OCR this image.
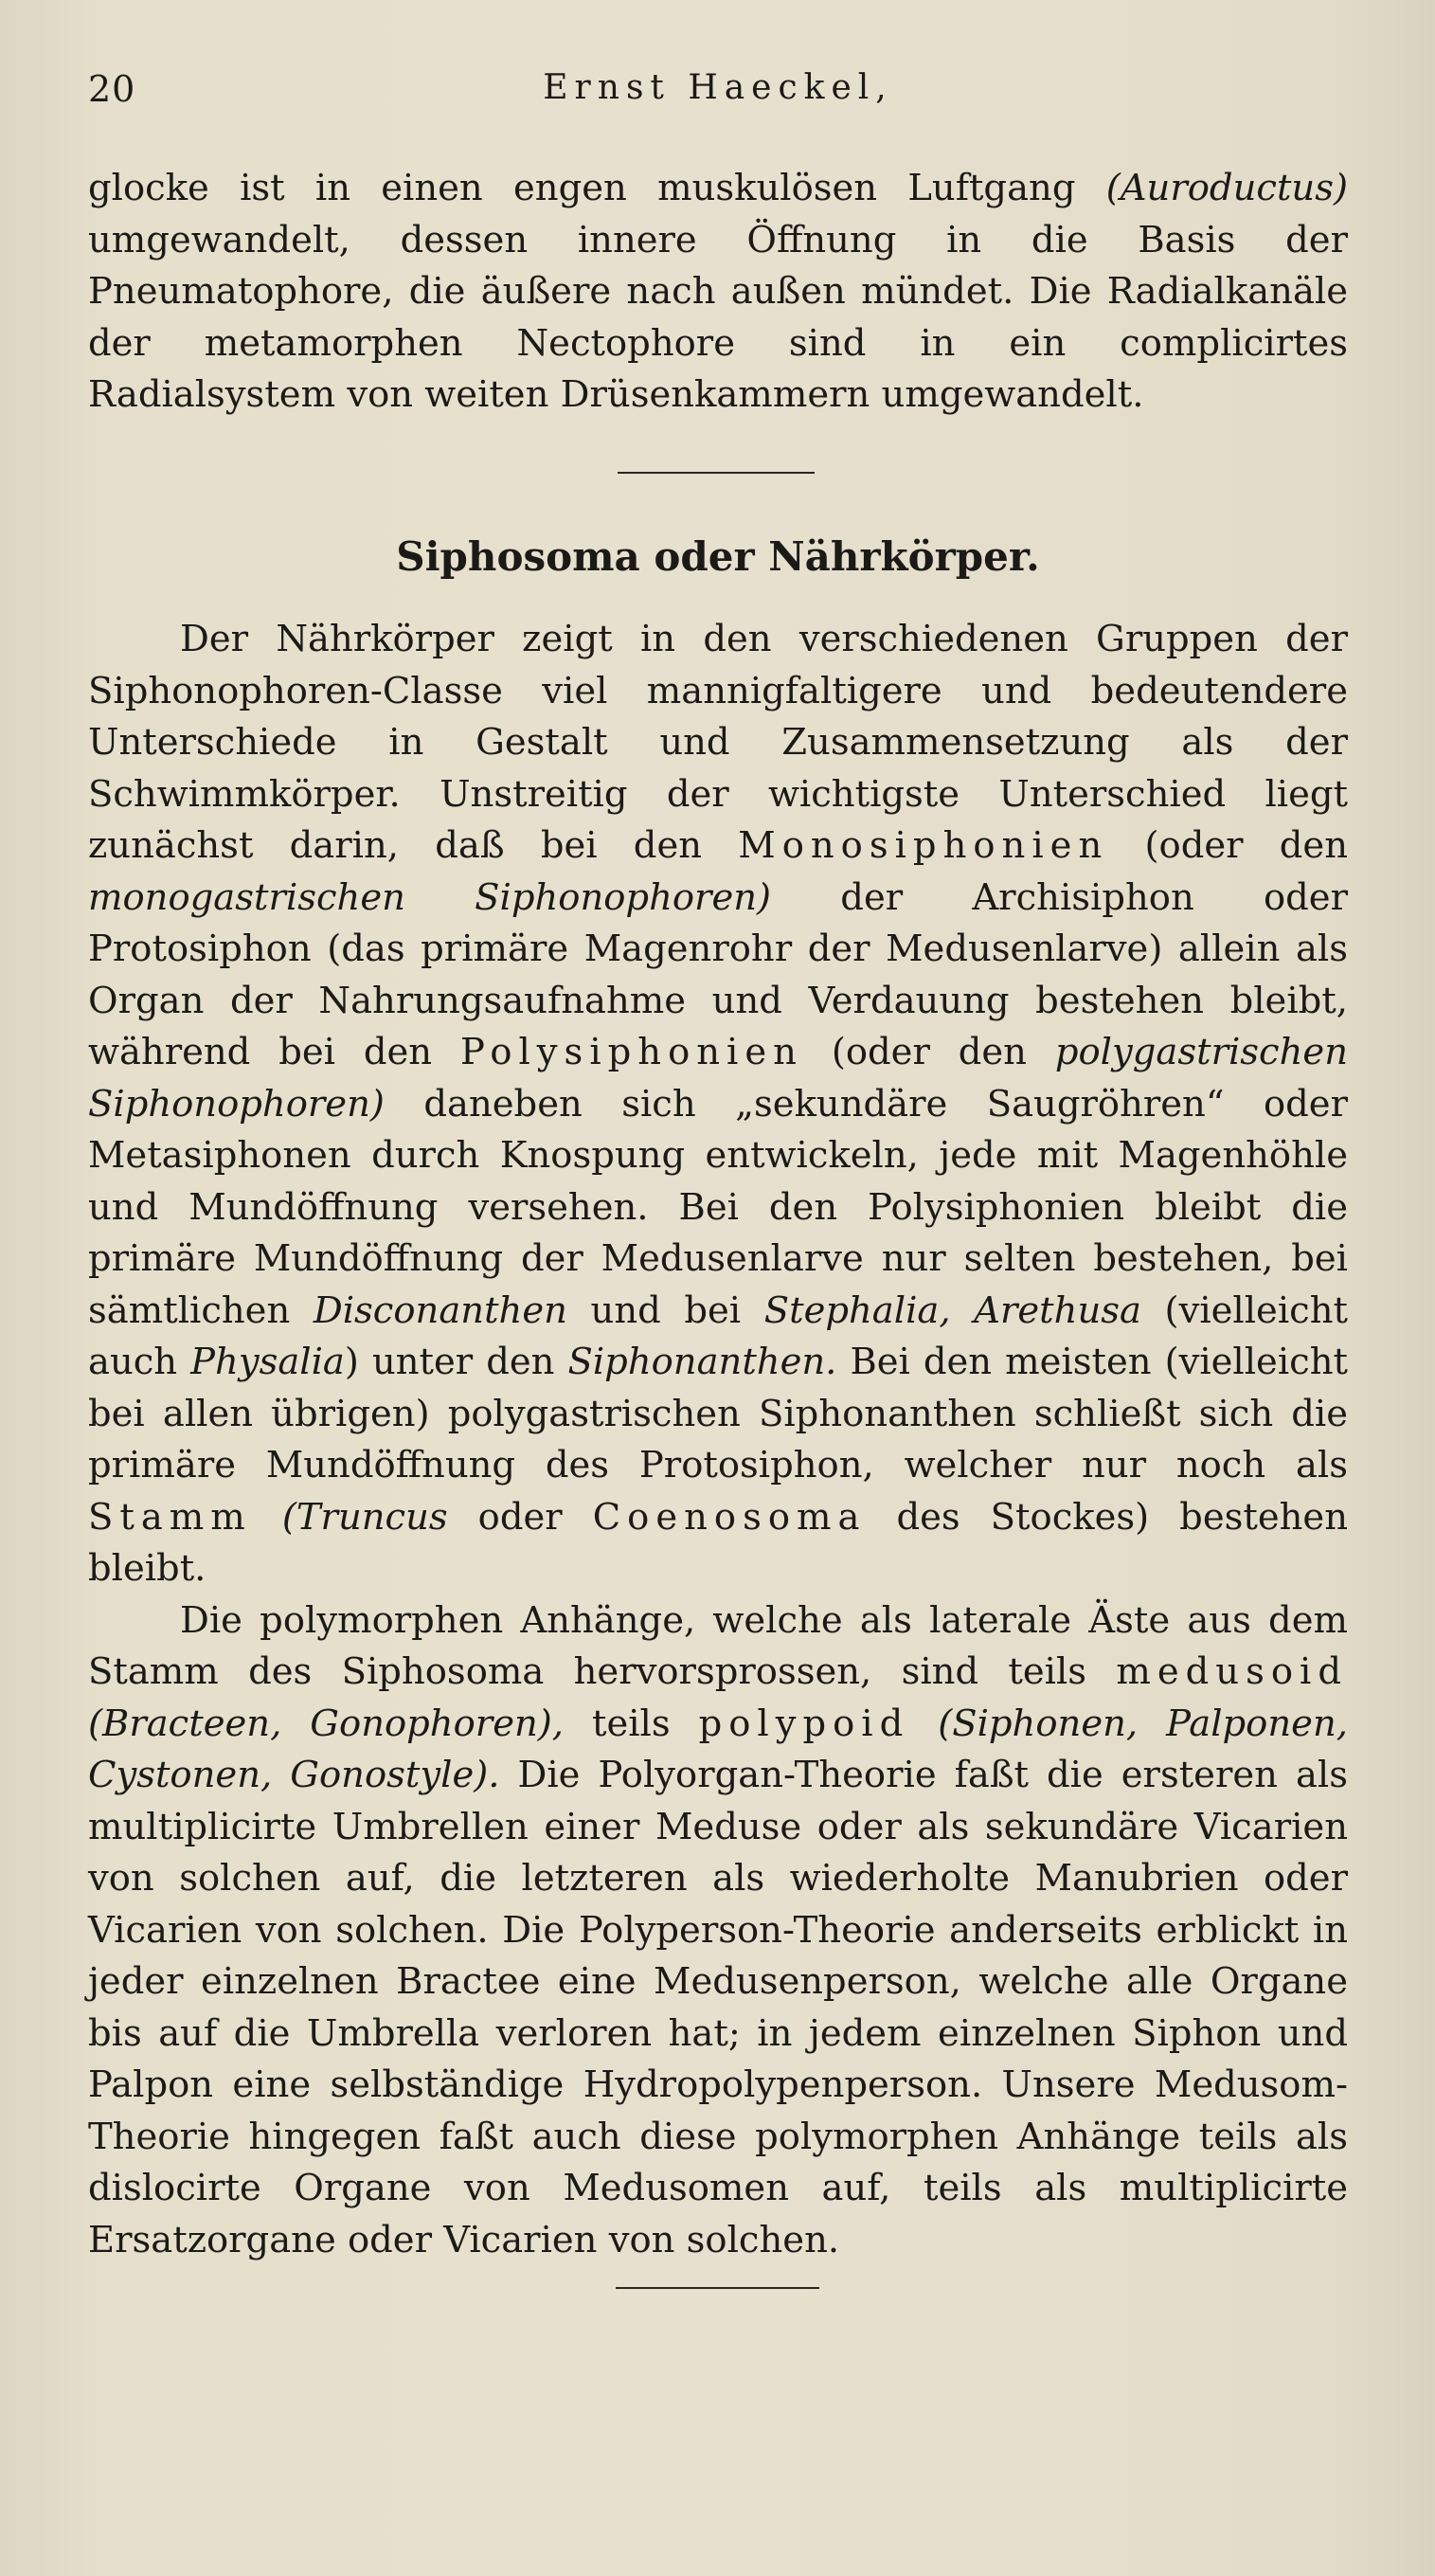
20	Ernst Haeckel,

glocke ist in einen engen muskulösen Luftgang (Auroductus) umgewandelt, dessen innere Öffnung in die Basis der Pneumatophore, die äußere nach außen mündet. Die Radialkanäle der metamorphen Nectophore sind in ein complicirtes Radialsystem von weiten Drüsenkammern umgewandelt.

Siphosoma oder Nährkörper.

Der Nährkörper zeigt in den verschiedenen Gruppen der Siphonophoren-Classe viel mannigfaltigere und bedeutendere Unterschiede in Gestalt und Zusammensetzung als der Schwimmkörper. Unstreitig der wichtigste Unterschied liegt zunächst darin, daß bei den Monosiphonien (oder den monogastrischen Siphonophoren) der Archisiphon oder Protosiphon (das primäre Magenrohr der Medusenlarve) allein als Organ der Nahrungsaufnahme und Verdauung bestehen bleibt, während bei den Polysiphonien (oder den polygastrischen Siphonophoren) daneben sich „sekundäre Saugröhren“ oder Metasiphonen durch Knospung entwickeln, jede mit Magenhöhle und Mundöffnung versehen. Bei den Polysiphonien bleibt die primäre Mundöffnung der Medusenlarve nur selten bestehen, bei sämtlichen Disconanthen und bei Stephalia, Arethusa (vielleicht auch Physalia) unter den Siphonanthen. Bei den meisten (vielleicht bei allen übrigen) polygastrischen Siphonanthen schließt sich die primäre Mundöffnung des Protosiphon, welcher nur noch als Stamm (Truncus oder Coenosoma des Stockes) bestehen bleibt.

Die polymorphen Anhänge, welche als laterale Äste aus dem Stamm des Siphosoma hervorsprossen, sind teils medusoid (Bracteen, Gonophoren), teils polypoid (Siphonen, Palponen, Cystonen, Gonostyle). Die Polyorgan-Theorie faßt die ersteren als multiplicirte Umbrellen einer Meduse oder als sekundäre Vicarien von solchen auf, die letzteren als wiederholte Manubrien oder Vicarien von solchen. Die Polyperson-Theorie anderseits erblickt in jeder einzelnen Bractee eine Medusenperson, welche alle Organe bis auf die Umbrella verloren hat; in jedem einzelnen Siphon und Palpon eine selbständige Hydropolypenperson. Unsere Medusom-Theorie hingegen faßt auch diese polymorphen Anhänge teils als dislocirte Organe von Medusomen auf, teils als multiplicirte Ersatzorgane oder Vicarien von solchen.
